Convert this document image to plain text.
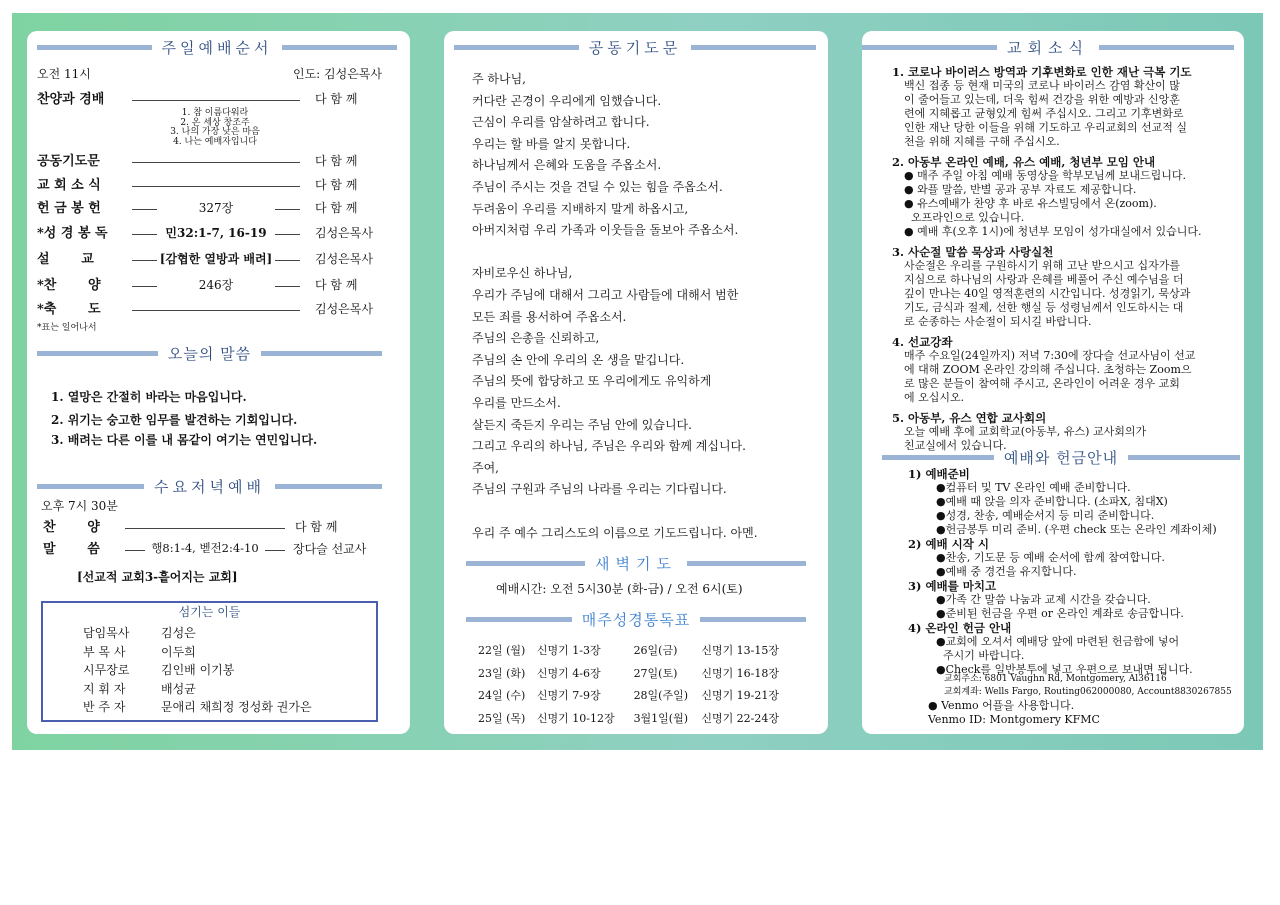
주일예배순서
오전 11시	인도: 김성은목사
찬양과 경배	다 함 께
공동기도문	다 함 께
교 회 소 식	다 함 께
헌 금 봉 헌	327장	다 함 께
*성 경 봉 독	민32:1-7, 16-19	김성은목사
설       교	[감협한 열방과 배려]	김성은목사
*찬       양	246장	다 함 께
*축       도	김성은목사
1. 참 이름다워라
2. 온 세상 창조주
3. 나의 가장 낮은 마음
4. 나는 예배자입니다
*표는 일어나서
오늘의 말씀
1. 열망은 간절히 바라는 마음입니다.
2. 위기는 숭고한 임무를 발견하는 기회입니다.
3. 배려는 다른 이를 내 몸같이 여기는 연민입니다.
수요저녁예배
오후 7시 30분
찬       양	다 함 께
말       씀	행8:1-4, 벧전2:4-10	장다슬 선교사
[선교적 교회3-흩어지는 교회]
섬기는 이들
담임목사	김성은
부 목 사	이두희
시무장로	김인배 이기봉
지 휘 자	배성균
반 주 자	문애리 채희정 정성화 권가은
공동기도문
주 하나님,
커다란 곤경이 우리에게 임했습니다.
근심이 우리를 암살하려고 합니다.
우리는 할 바를 알지 못합니다.
하나님께서 은혜와 도움을 주옵소서.
주님이 주시는 것을 견딜 수 있는 힘을 주옵소서.
두려움이 우리를 지배하지 말게 하옵시고,
아버지처럼 우리 가족과 이웃들을 돌보아 주옵소서.
자비로우신 하나님,
우리가 주님에 대해서 그리고 사람들에 대해서 범한
모든 죄를 용서하여 주옵소서.
주님의 은총을 신뢰하고,
주님의 손 안에 우리의 온 생을 맡깁니다.
주님의 뜻에 합당하고 또 우리에게도 유익하게
우리를 만드소서.
살든지 죽든지 우리는 주님 안에 있습니다.
그리고 우리의 하나님, 주님은 우리와 함께 계십니다.
주여,
주님의 구원과 주님의 나라를 우리는 기다립니다.
우리 주 예수 그리스도의 이름으로 기도드립니다. 아멘.
새벽기도
예배시간: 오전 5시30분 (화-금) / 오전 6시(토)
매주성경통독표
22일 (월)	신명기 1-3장	26일(금)	신명기 13-15장
23일 (화)	신명기 4-6장	27일(토)	신명기 16-18장
24일 (수)	신명기 7-9장	28일(주일)	신명기 19-21장
25일 (목)	신명기 10-12장	3월1일(월)	신명기 22-24장
교회소식

1. 코로나 바이러스 방역과 기후변화로 인한 재난 극복 기도

백신 접종 등 현재 미국의 코로나 바이러스 감염 확산이 많

이 줄어들고 있는데, 더욱 힘써 건강을 위한 예방과 신앙훈

련에 지혜롭고 균형있게 힘써 주십시오. 그리고 기후변화로

인한 재난 당한 이들을 위해 기도하고 우리교회의 선교적 실

천을 위해 지혜를 구해 주십시오.

2. 아동부 온라인 예배, 유스 예배, 청년부 모임 안내

● 매주 주일 아침 예배 동영상을 학부모님께 보내드립니다.

● 와플 말씀, 반별 공과 공부 자료도 제공합니다.

● 유스예배가 찬양 후 바로 유스빌딩에서 온(zoom).

오프라인으로 있습니다.

● 예배 후(오후 1시)에 청년부 모임이 성가대실에서 있습니다.

3. 사순절 말씀 묵상과 사랑실천

사순절은 우리를 구원하시기 위해 고난 받으시고 십자가를

지심으로 하나님의 사랑과 은혜를 베풀어 주신 예수님을 더

깊이 만나는 40일 영적훈련의 시간입니다. 성경읽기, 묵상과

기도, 금식과 절제, 선한 행실 등 성령님께서 인도하시는 대

로 순종하는 사순절이 되시길 바랍니다.

4. 선교강좌

매주 수요일(24일까지) 저녁 7:30에 장다슬 선교사님이 선교

에 대해 ZOOM 온라인 강의해 주십니다. 초청하는 Zoom으

로 많은 분들이 참여해 주시고, 온라인이 어려운 경우 교회

에 오십시오.

5. 아동부, 유스 연합 교사회의

오늘 예배 후에 교회학교(아동부, 유스) 교사회의가

친교실에서 있습니다.

예배와 헌금안내

1) 예배준비

●컴퓨터 및 TV 온라인 예배 준비합니다.

●예배 때 앉을 의자 준비합니다. (소파X, 침대X)

●성경, 찬송, 예배순서지 등 미리 준비합니다.

●헌금봉투 미리 준비. (우편 check 또는 온라인 계좌이체)

2) 예배 시작 시

●찬송, 기도문 등 예배 순서에 함께 참여합니다.

●예배 중 경건을 유지합니다.

3) 예배를 마치고

●가족 간 말씀 나눔과 교제 시간을 갖습니다.

●준비된 헌금을 우편 or 온라인 계좌로 송금합니다.

4) 온라인 헌금 안내

●교회에 오셔서 예배당 앞에 마련된 헌금함에 넣어

주시기 바랍니다.

●Check를 일반봉투에 넣고 우편으로 보내면 됩니다.

교회주소: 6801 Vaughn Rd, Montgomery, Al36116

교회계좌: Wells Fargo, Routing062000080, Account8830267855

● Venmo 어플을 사용합니다.

Venmo ID: Montgomery KFMC
